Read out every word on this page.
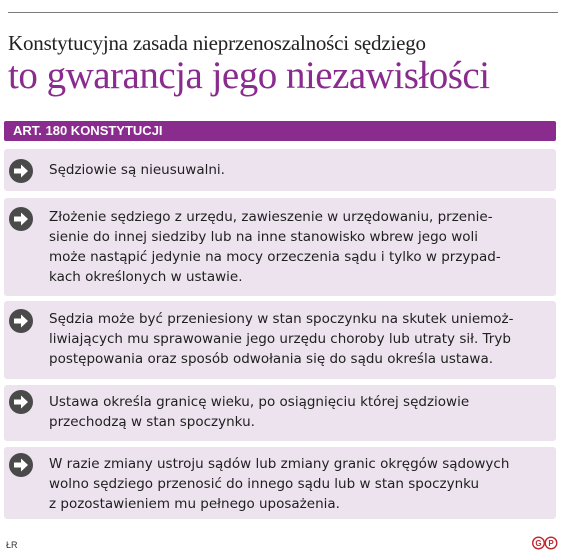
Konstytucyjna zasada nieprzenoszalności sędziego
to gwarancja jego niezawisłości
ART. 180 KONSTYTUCJI
Sędziowie są nieusuwalni.
Złożenie sędziego z urzędu, zawieszenie w urzędowaniu, przenie-
sienie do innej siedziby lub na inne stanowisko wbrew jego woli
może nastąpić jedynie na mocy orzeczenia sądu i tylko w przypad-
kach określonych w ustawie.
Sędzia może być przeniesiony w stan spoczynku na skutek uniemoż-
liwiających mu sprawowanie jego urzędu choroby lub utraty sił. Tryb
postępowania oraz sposób odwołania się do sądu określa ustawa.
Ustawa określa granicę wieku, po osiągnięciu której sędziowie
przechodzą w stan spoczynku.
W razie zmiany ustroju sądów lub zmiany granic okręgów sądowych
wolno sędziego przenosić do innego sądu lub w stan spoczynku
z pozostawieniem mu pełnego uposażenia.
ŁR	G P
